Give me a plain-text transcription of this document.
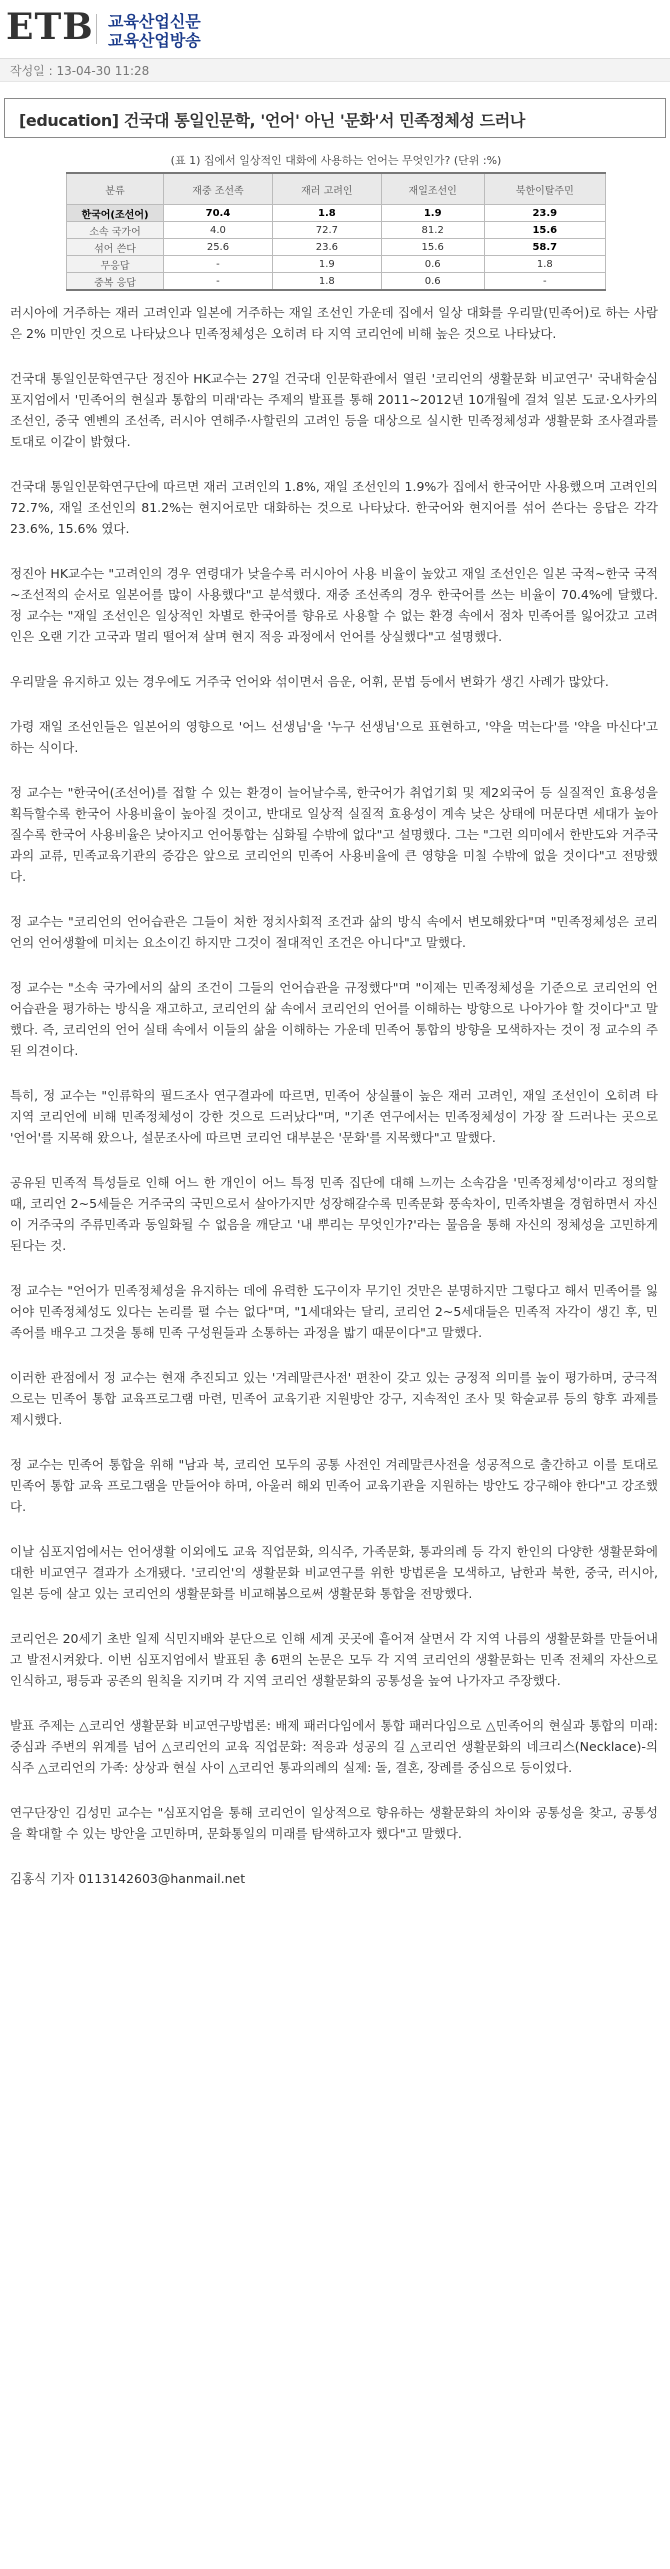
ETB 교육산업신문
교육산업방송
작성일 : 13-04-30 11:28
[education] 건국대 통일인문학, '언어' 아닌 '문화'서 민족정체성 드러나
(표 1) 집에서 일상적인 대화에 사용하는 언어는 무엇인가? (단위 :%)
분류	재중 조선족	재러 고려인	재일조선인	북한이탈주민
한국어(조선어)	70.4	1.8	1.9	23.9
소속 국가어	4.0	72.7	81.2	15.6
섞어 쓴다	25.6	23.6	15.6	58.7
무응답	-	1.9	0.6	1.8
중복 응답	-	1.8	0.6	-

러시아에 거주하는 재러 고려인과 일본에 거주하는 재일 조선인 가운데 집에서 일상 대화를 우리말(민족어)로 하는 사람은 2% 미만인 것으로 나타났으나 민족정체성은 오히려 타 지역 코리언에 비해 높은 것으로 나타났다.

건국대 통일인문학연구단 정진아 HK교수는 27일 건국대 인문학관에서 열린 '코리언의 생활문화 비교연구' 국내학술심포지엄에서 '민족어의 현실과 통합의 미래'라는 주제의 발표를 통해 2011~2012년 10개월에 걸쳐 일본 도쿄·오사카의 조선인, 중국 옌볜의 조선족, 러시아 연해주·사할린의 고려인 등을 대상으로 실시한 민족정체성과 생활문화 조사결과를 토대로 이같이 밝혔다.

건국대 통일인문학연구단에 따르면 재러 고려인의 1.8%, 재일 조선인의 1.9%가 집에서 한국어만 사용했으며 고려인의 72.7%, 재일 조선인의 81.2%는 현지어로만 대화하는 것으로 나타났다. 한국어와 현지어를 섞어 쓴다는 응답은 각각 23.6%, 15.6% 였다.

정진아 HK교수는 "고려인의 경우 연령대가 낮을수록 러시아어 사용 비율이 높았고 재일 조선인은 일본 국적~한국 국적~조선적의 순서로 일본어를 많이 사용했다"고 분석했다. 재중 조선족의 경우 한국어를 쓰는 비율이 70.4%에 달했다. 정 교수는 "재일 조선인은 일상적인 차별로 한국어를 향유로 사용할 수 없는 환경 속에서 점차 민족어를 잃어갔고 고려인은 오랜 기간 고국과 멀리 떨어져 살며 현지 적응 과정에서 언어를 상실했다"고 설명했다.

우리말을 유지하고 있는 경우에도 거주국 언어와 섞이면서 음운, 어휘, 문법 등에서 변화가 생긴 사례가 많았다.

가령 재일 조선인들은 일본어의 영향으로 '어느 선생님'을 '누구 선생님'으로 표현하고, '약을 먹는다'를 '약을 마신다'고 하는 식이다.

정 교수는 "한국어(조선어)를 접할 수 있는 환경이 늘어날수록, 한국어가 취업기회 및 제2외국어 등 실질적인 효용성을 획득할수록 한국어 사용비율이 높아질 것이고, 반대로 일상적 실질적 효용성이 계속 낮은 상태에 머문다면 세대가 높아질수록 한국어 사용비율은 낮아지고 언어통합는 심화될 수밖에 없다"고 설명했다. 그는 "그런 의미에서 한반도와 거주국과의 교류, 민족교육기관의 증감은 앞으로 코리언의 민족어 사용비율에 큰 영향을 미칠 수밖에 없을 것이다"고 전망했다.

정 교수는 "코리언의 언어습관은 그들이 처한 정치사회적 조건과 삶의 방식 속에서 변모해왔다"며 "민족정체성은 코리언의 언어생활에 미치는 요소이긴 하지만 그것이 절대적인 조건은 아니다"고 말했다.

정 교수는 "소속 국가에서의 삶의 조건이 그들의 언어습관을 규정했다"며 "이제는 민족정체성을 기준으로 코리언의 언어습관을 평가하는 방식을 재고하고, 코리언의 삶 속에서 코리언의 언어를 이해하는 방향으로 나아가야 할 것이다"고 말했다. 즉, 코리언의 언어 실태 속에서 이들의 삶을 이해하는 가운데 민족어 통합의 방향을 모색하자는 것이 정 교수의 주된 의견이다.

특히, 정 교수는 "인류학의 필드조사 연구결과에 따르면, 민족어 상실률이 높은 재러 고려인, 재일 조선인이 오히려 타 지역 코리언에 비해 민족정체성이 강한 것으로 드러났다"며, "기존 연구에서는 민족정체성이 가장 잘 드러나는 곳으로 '언어'를 지목해 왔으나, 설문조사에 따르면 코리언 대부분은 '문화'를 지목했다"고 말했다.

공유된 민족적 특성들로 인해 어느 한 개인이 어느 특정 민족 집단에 대해 느끼는 소속감을 '민족정체성'이라고 정의할 때, 코리언 2~5세들은 거주국의 국민으로서 살아가지만 성장해갈수록 민족문화 풍속차이, 민족차별을 경험하면서 자신이 거주국의 주류민족과 동일화될 수 없음을 깨닫고 '내 뿌리는 무엇인가?'라는 물음을 통해 자신의 정체성을 고민하게 된다는 것.

정 교수는 "언어가 민족정체성을 유지하는 데에 유력한 도구이자 무기인 것만은 분명하지만 그렇다고 해서 민족어를 잃어야 민족정체성도 있다는 논리를 펼 수는 없다"며, "1세대와는 달리, 코리언 2~5세대들은 민족적 자각이 생긴 후, 민족어를 배우고 그것을 통해 민족 구성원들과 소통하는 과정을 밟기 때문이다"고 말했다.

이러한 관점에서 정 교수는 현재 추진되고 있는 '겨레말큰사전' 편찬이 갖고 있는 긍정적 의미를 높이 평가하며, 궁극적으로는 민족어 통합 교육프로그램 마련, 민족어 교육기관 지원방안 강구, 지속적인 조사 및 학술교류 등의 향후 과제를 제시했다.

정 교수는 민족어 통합을 위해 "남과 북, 코리언 모두의 공통 사전인 겨레말큰사전을 성공적으로 출간하고 이를 토대로 민족어 통합 교육 프로그램을 만들어야 하며, 아울러 해외 민족어 교육기관을 지원하는 방안도 강구해야 한다"고 강조했다.

이날 심포지엄에서는 언어생활 이외에도 교육 직업문화, 의식주, 가족문화, 통과의례 등 각지 한인의 다양한 생활문화에 대한 비교연구 결과가 소개됐다. '코리언'의 생활문화 비교연구를 위한 방법론을 모색하고, 남한과 북한, 중국, 러시아, 일본 등에 살고 있는 코리언의 생활문화를 비교해봄으로써 생활문화 통합을 전망했다.

코리언은 20세기 초반 일제 식민지배와 분단으로 인해 세계 곳곳에 흩어져 살면서 각 지역 나름의 생활문화를 만들어내고 발전시켜왔다. 이번 심포지엄에서 발표된 총 6편의 논문은 모두 각 지역 코리언의 생활문화는 민족 전체의 자산으로 인식하고, 평등과 공존의 원칙을 지키며 각 지역 코리언 생활문화의 공통성을 높여 나가자고 주장했다.

발표 주제는 △코리언 생활문화 비교연구방법론: 배제 패러다임에서 통합 패러다임으로 △민족어의 현실과 통합의 미래: 중심과 주변의 위계를 넘어 △코리언의 교육 직업문화: 적응과 성공의 길 △코리언 생활문화의 네크리스(Necklace)-의식주 △코리언의 가족: 상상과 현실 사이 △코리언 통과의례의 실제: 돌, 결혼, 장례를 중심으로 등이었다.

연구단장인 김성민 교수는 "심포지엄을 통해 코리언이 일상적으로 향유하는 생활문화의 차이와 공통성을 찾고, 공통성을 확대할 수 있는 방안을 고민하며, 문화통일의 미래를 탐색하고자 했다"고 말했다.

김홍식 기자 0113142603@hanmail.net
